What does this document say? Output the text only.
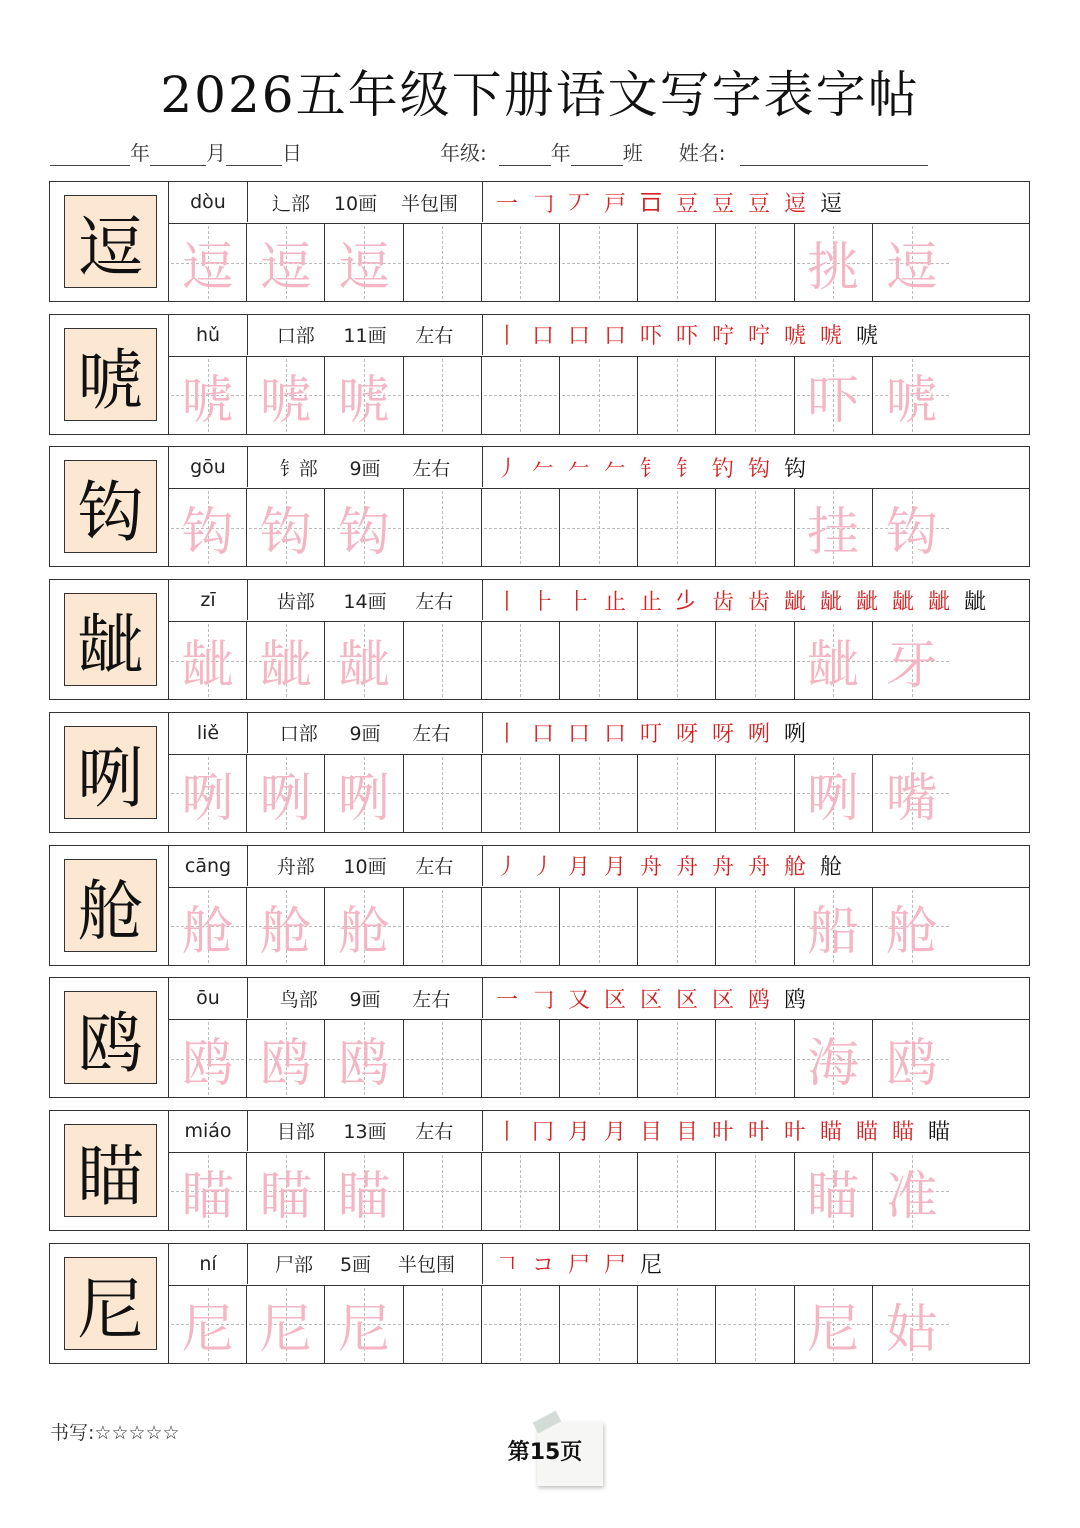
2026五年级下册语文写字表字帖
年	月	日	年级:	年	班 姓名:
逗
dòu	辶部 10画 半包围	一 𠃌 丆 戸 𠮛 豆 豆 豆 逗 逗
逗 逗 逗	挑 逗
唬
hǔ	口部 11画 左右	丨 口 口 口 吓 吓 咛 咛 唬 唬 唬
唬 唬 唬	吓 唬
钩
gōu	钅部 9画 左右	丿 𠂉 𠂉 𠂉 钅 钅 钓 钩 钩
钩 钩 钩	挂 钩
龇
zī	齿部 14画 左右	丨 ⺊ ⺊ 止 止 𣥂 齿 齿 龇 龇 龇 龇 龇 龇
龇 龇 龇	龇 牙
咧
liě	口部 9画 左右	丨 口 口 口 叮 呀 呀 咧 咧
咧 咧 咧	咧 嘴
舱
cāng	舟部 10画 左右	丿 丿 月 月 舟 舟 舟 舟 舱 舱
舱 舱 舱	船 舱
鸥
ōu	鸟部 9画 左右	一 𠃌 又 区 区 区 区 鸥 鸥
鸥 鸥 鸥	海 鸥
瞄
miáo	目部 13画 左右	丨 冂 月 月 目 目 旪 旪 旪 瞄 瞄 瞄 瞄
瞄 瞄 瞄	瞄 准
尼
ní	尸部 5画 半包围	𠃍 コ 尸 尸 尼
尼 尼 尼	尼 姑
书写:☆☆☆☆☆
第15页
